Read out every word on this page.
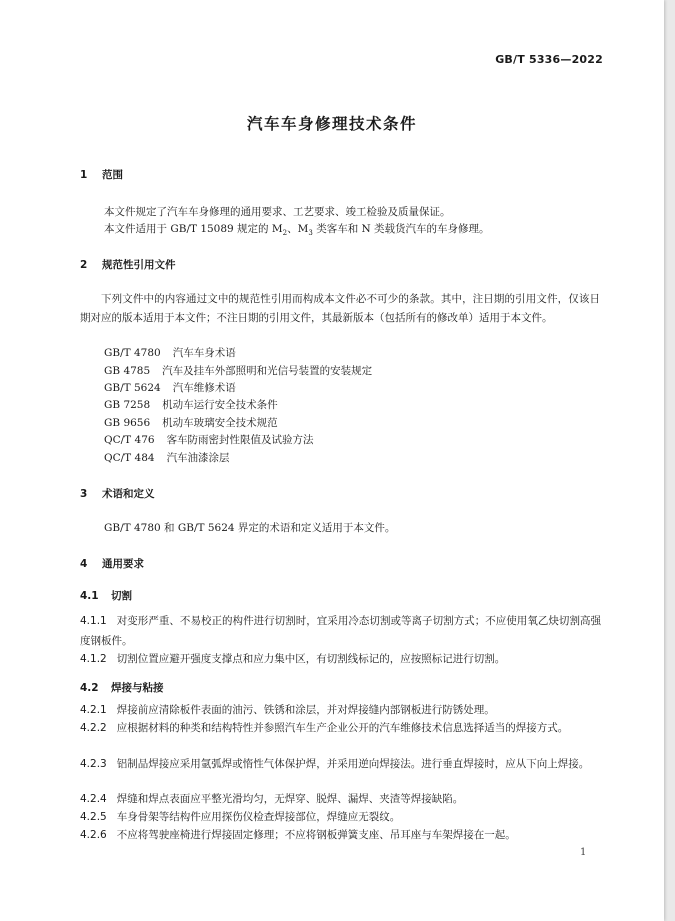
GB/T 5336—2022
汽车车身修理技术条件
1 范围
本文件规定了汽车车身修理的通用要求、工艺要求、竣工检验及质量保证。
本文件适用于 GB/T 15089 规定的 $M_2$、$M_3$ 类客车和 N 类载货汽车的车身修理。
2 规范性引用文件
下列文件中的内容通过文中的规范性引用而构成本文件必不可少的条款。其中，注日期的引用文件，仅该日期对应的版本适用于本文件；不注日期的引用文件，其最新版本（包括所有的修改单）适用于本文件。
GB/T 4780 汽车车身术语
GB 4785 汽车及挂车外部照明和光信号装置的安装规定
GB/T 5624 汽车维修术语
GB 7258 机动车运行安全技术条件
GB 9656 机动车玻璃安全技术规范
QC/T 476 客车防雨密封性限值及试验方法
QC/T 484 汽车油漆涂层
3 术语和定义
GB/T 4780 和 GB/T 5624 界定的术语和定义适用于本文件。
4 通用要求
4.1 切割
4.1.1 对变形严重、不易校正的构件进行切割时，宜采用冷态切割或等离子切割方式；不应使用氧乙炔切割高强度钢板件。
4.1.2 切割位置应避开强度支撑点和应力集中区，有切割线标记的，应按照标记进行切割。
4.2 焊接与粘接
4.2.1 焊接前应清除板件表面的油污、铁锈和涂层，并对焊接缝内部钢板进行防锈处理。
4.2.2 应根据材料的种类和结构特性并参照汽车生产企业公开的汽车维修技术信息选择适当的焊接方式。
4.2.3 铝制品焊接应采用氩弧焊或惰性气体保护焊，并采用逆向焊接法。进行垂直焊接时，应从下向上焊接。
4.2.4 焊缝和焊点表面应平整光滑均匀，无焊穿、脱焊、漏焊、夹渣等焊接缺陷。
4.2.5 车身骨架等结构件应用探伤仪检查焊接部位，焊缝应无裂纹。
4.2.6 不应将驾驶座椅进行焊接固定修理；不应将钢板弹簧支座、吊耳座与车架焊接在一起。
1
